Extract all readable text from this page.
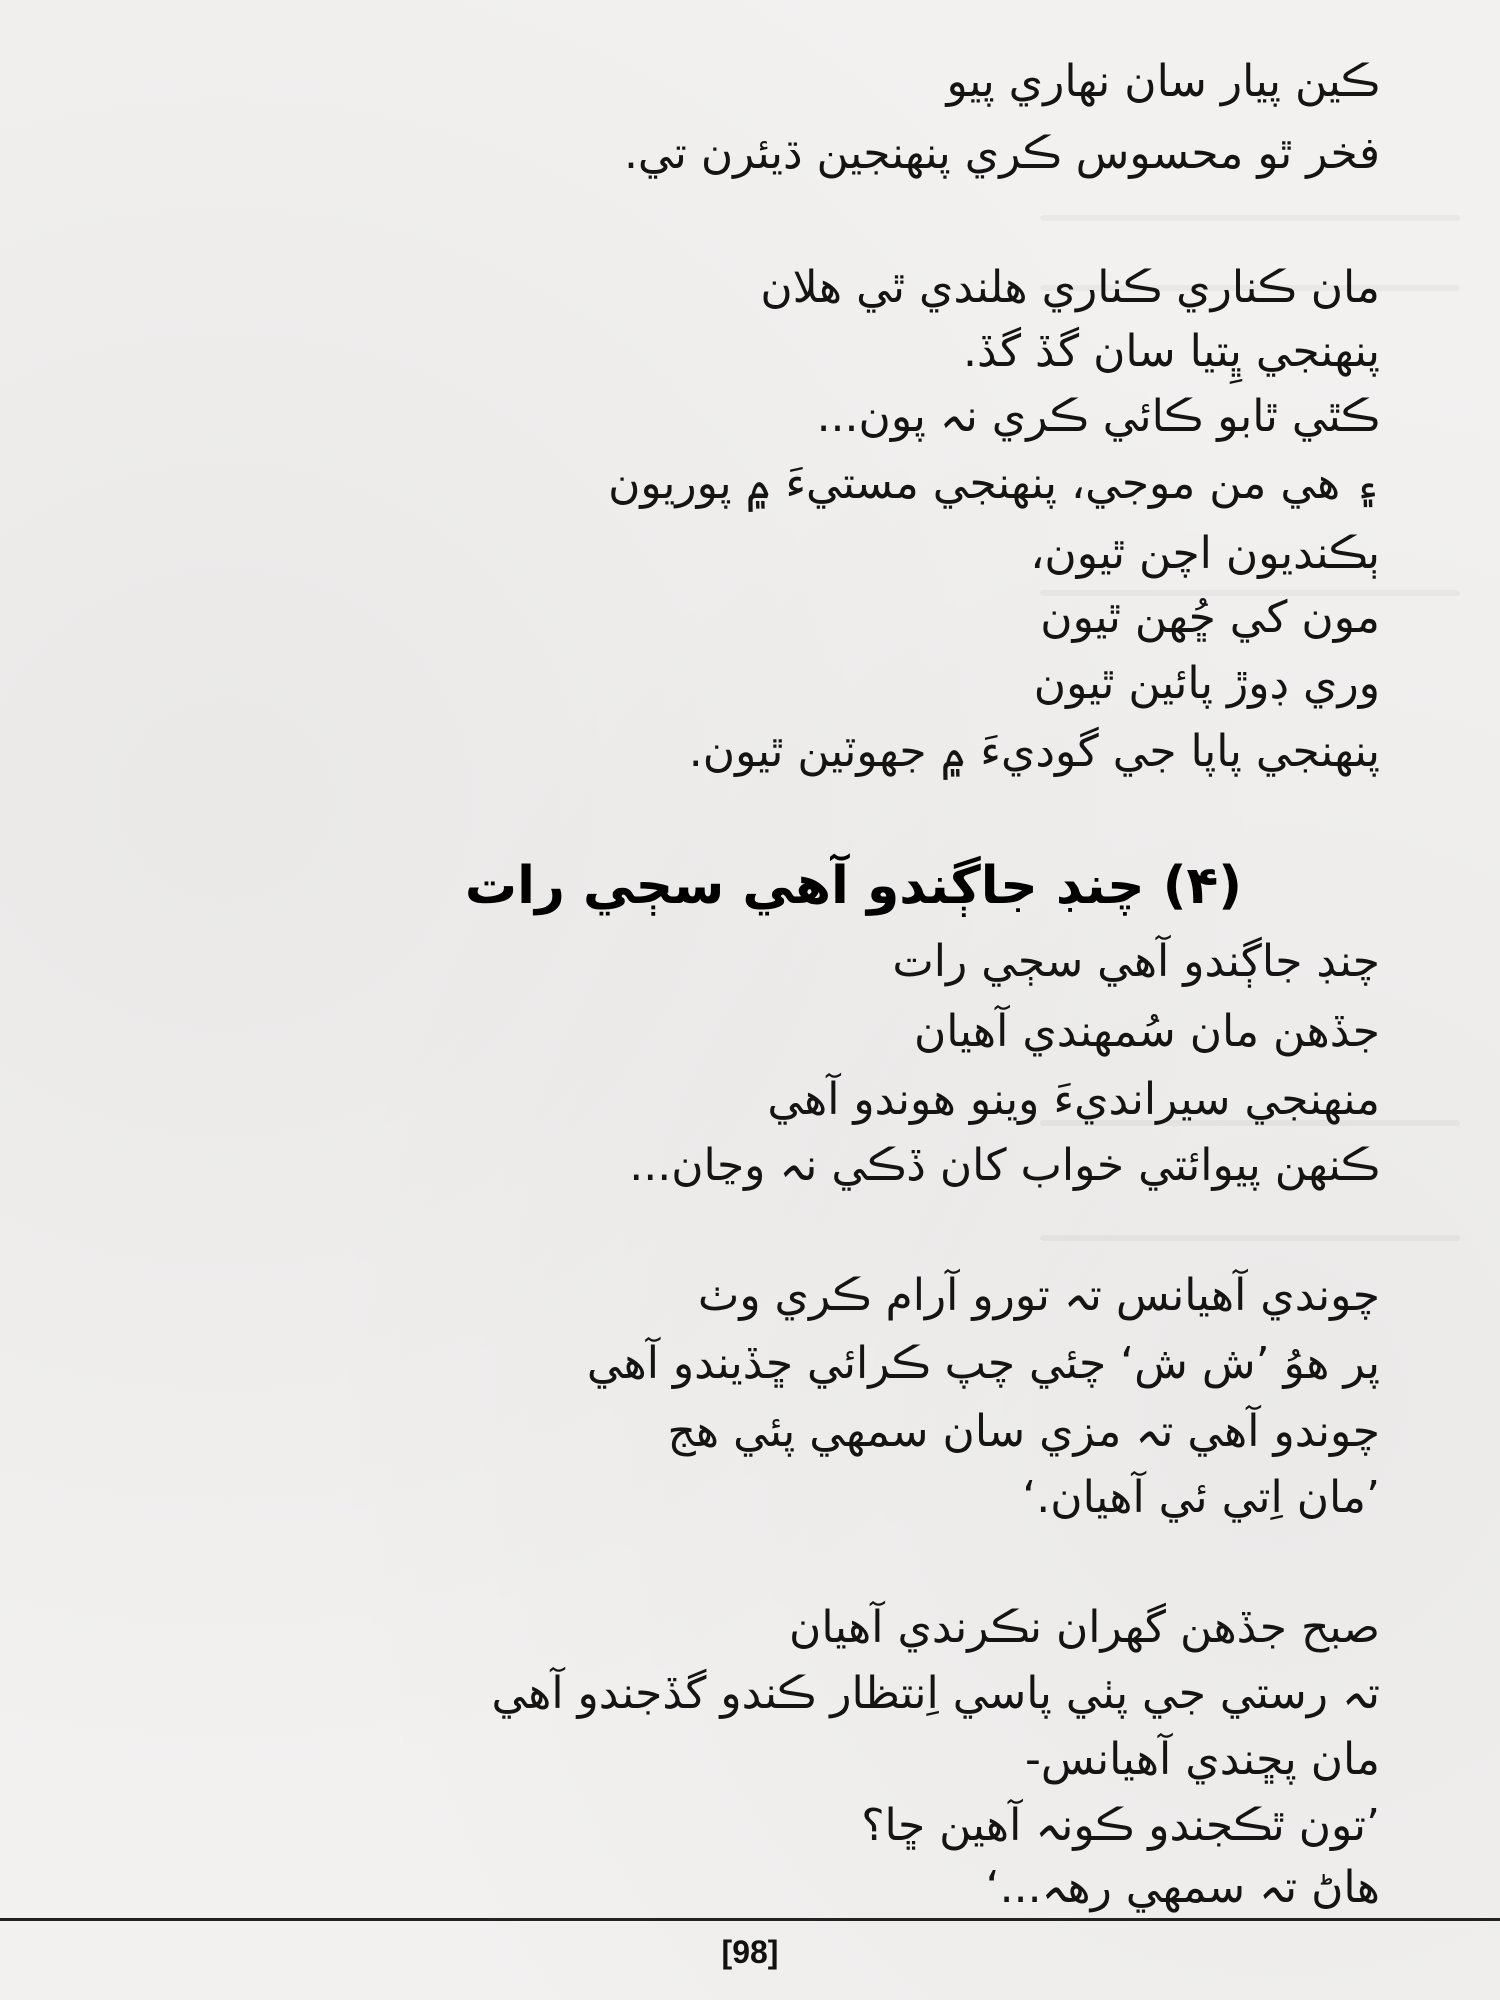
ڪين پيار سان نهاري پيو
فخر ٿو محسوس ڪري پنهنجين ڌيئرن تي.
مان ڪناري ڪناري هلندي ٿي هلان
پنهنجي ڀِتيا سان گڏ گڏ.
ڪٿي ٿابو ڪائي ڪري نہ پون...
۽ هي من موجي، پنهنجي مستيءَ ۾ پوريون
ٻڪنديون اچن ٿيون،
مون کي ڇُهن ٿيون
وري ڊوڙ پائين ٿيون
پنهنجي پاپا جي گوديءَ ۾ جهوٽين ٿيون.
(۴) چنڊ جاڳندو آهي سڄي رات
چنڊ جاڳندو آهي سڄي رات
جڏهن مان سُمهندي آهيان
منهنجي سيرانديءَ وينو هوندو آهي
ڪنهن پيوائتي خواب کان ڏڪي نہ وڃان...
چوندي آهيانس تہ تورو آرام ڪري وٺ
پر هوُ ’ش ش‘ چئي چپ ڪرائي ڇڏيندو آهي
چوندو آهي تہ مزي سان سمهي پئي هج
’مان اِتي ئي آهيان.‘
صبح جڏهن گهران نڪرندي آهيان
تہ رستي جي پٺي پاسي اِنتظار ڪندو گڏجندو آهي
مان پڇندي آهيانس-
’تون ٿڪجندو ڪونہ آهين ڇا؟
هاڻ تہ سمهي رهہ...‘
[98]
